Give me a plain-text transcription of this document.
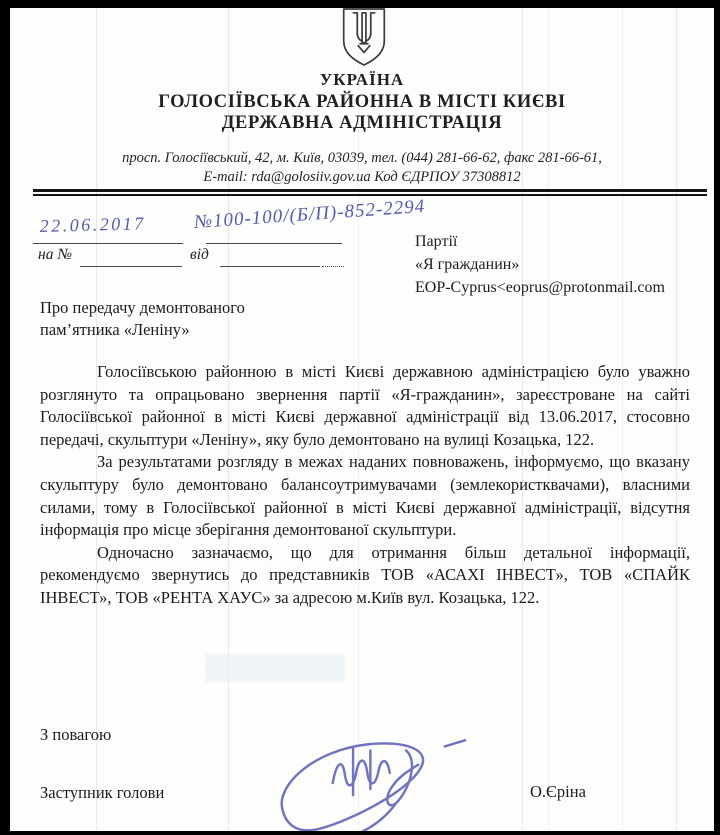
УКРАЇНА
ГОЛОСІЇВСЬКА РАЙОННА В МІСТІ КИЄВІ
ДЕРЖАВНА АДМІНІСТРАЦІЯ
просп. Голосіївський, 42, м. Київ, 03039, тел. (044) 281-66-62, факс 281-66-61,
E-mail: rda@golosiiv.gov.ua Код ЄДРПОУ 37308812
22.06.2017	№100-100/(Б/П)-852-2294
на №	від
Партії
«Я гражданин»
EOP-Cyprus<eoprus@protonmail.com
Про передачу демонтованого
пам’ятника «Леніну»

Голосіївською районною в місті Києві державною адміністрацією було уважно розглянуто та опрацьовано звернення партії «Я-гражданин», зареєстроване на сайті Голосіївської районної в місті Києві державної адміністрації від 13.06.2017, стосовно передачі, скульптури «Леніну», яку було демонтовано на вулиці Козацька, 122.

За результатами розгляду в межах наданих повноважень, інформуємо, що вказану скульптуру було демонтовано балансоутримувачами (землекористквачами), власними силами, тому в Голосіївської районної в місті Києві державної адміністрації, відсутня інформація про місце зберігання демонтованої скульптури.

Одночасно зазначаємо, що для отримання більш детальної інформації, рекомендуємо звернутись до представників ТОВ «АСАХІ ІНВЕСТ», ТОВ «СПАЙК ІНВЕСТ», ТОВ «РЕНТА ХАУС» за адресою м.Київ вул. Козацька, 122.

З повагою
Заступник голови	О.Єріна
